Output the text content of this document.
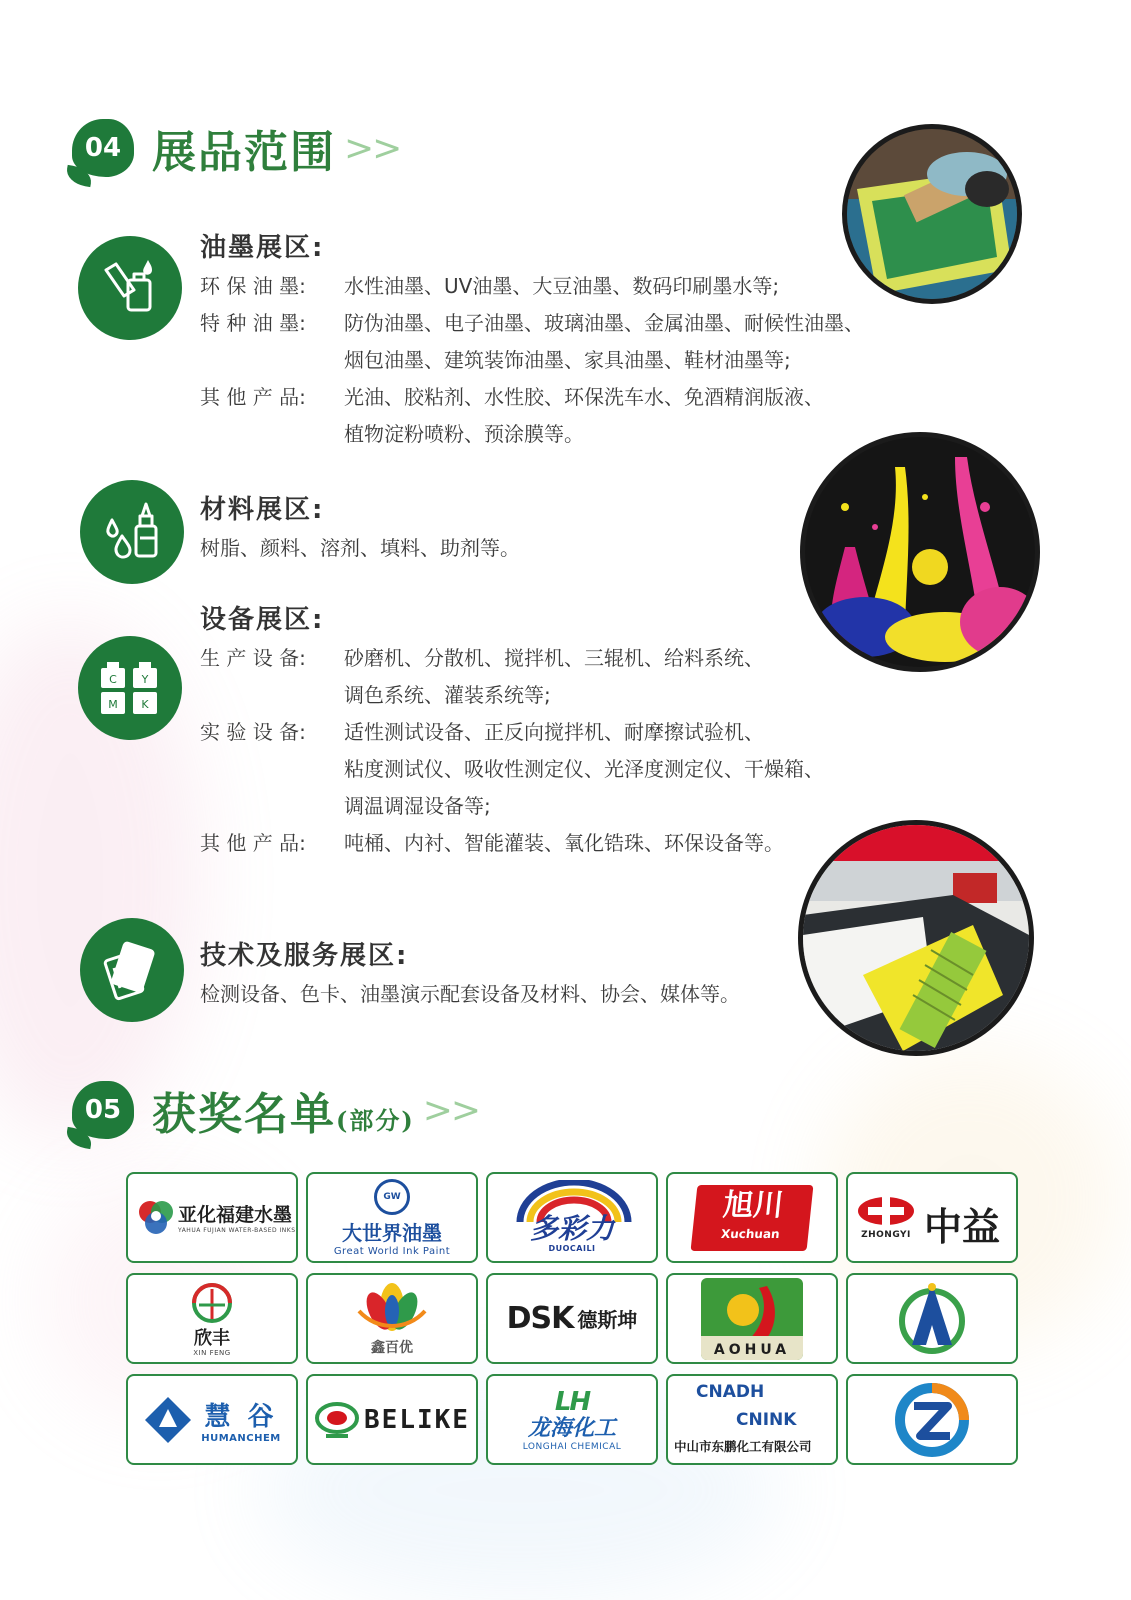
04 展品范围 >>
油墨展区:
环 保 油 墨:	水性油墨、UV油墨、大豆油墨、数码印刷墨水等;
特 种 油 墨:	防伪油墨、电子油墨、玻璃油墨、金属油墨、耐候性油墨、
烟包油墨、建筑装饰油墨、家具油墨、鞋材油墨等;
其 他 产 品:	光油、胶粘剂、水性胶、环保洗车水、免酒精润版液、
植物淀粉喷粉、预涂膜等。
材料展区:
树脂、颜料、溶剂、填料、助剂等。
C Y
M K
设备展区:
生 产 设 备:	砂磨机、分散机、搅拌机、三辊机、给料系统、
调色系统、灌装系统等;
实 验 设 备:	适性测试设备、正反向搅拌机、耐摩擦试验机、
粘度测试仪、吸收性测定仪、光泽度测定仪、干燥箱、
调温调湿设备等;
其 他 产 品:	吨桶、内衬、智能灌装、氧化锆珠、环保设备等。
技术及服务展区:
检测设备、色卡、油墨演示配套设备及材料、协会、媒体等。
05 获奖名单(部分) >>
亚化福建水墨
YAHUA FUJIAN WATER-BASED INKS
GW
大世界油墨
Great World Ink Paint
多彩力
DUOCAILI
旭川
Xuchuan	ZHONGYI 中益
欣丰
XIN FENG	鑫百优
DSK 德斯坤
AOHUA
慧 谷
HUMANCHEM
BELIKE
LH
龙海化工
LONGHAI CHEMICAL
CNADH
CNINK
中山市东鹏化工有限公司
